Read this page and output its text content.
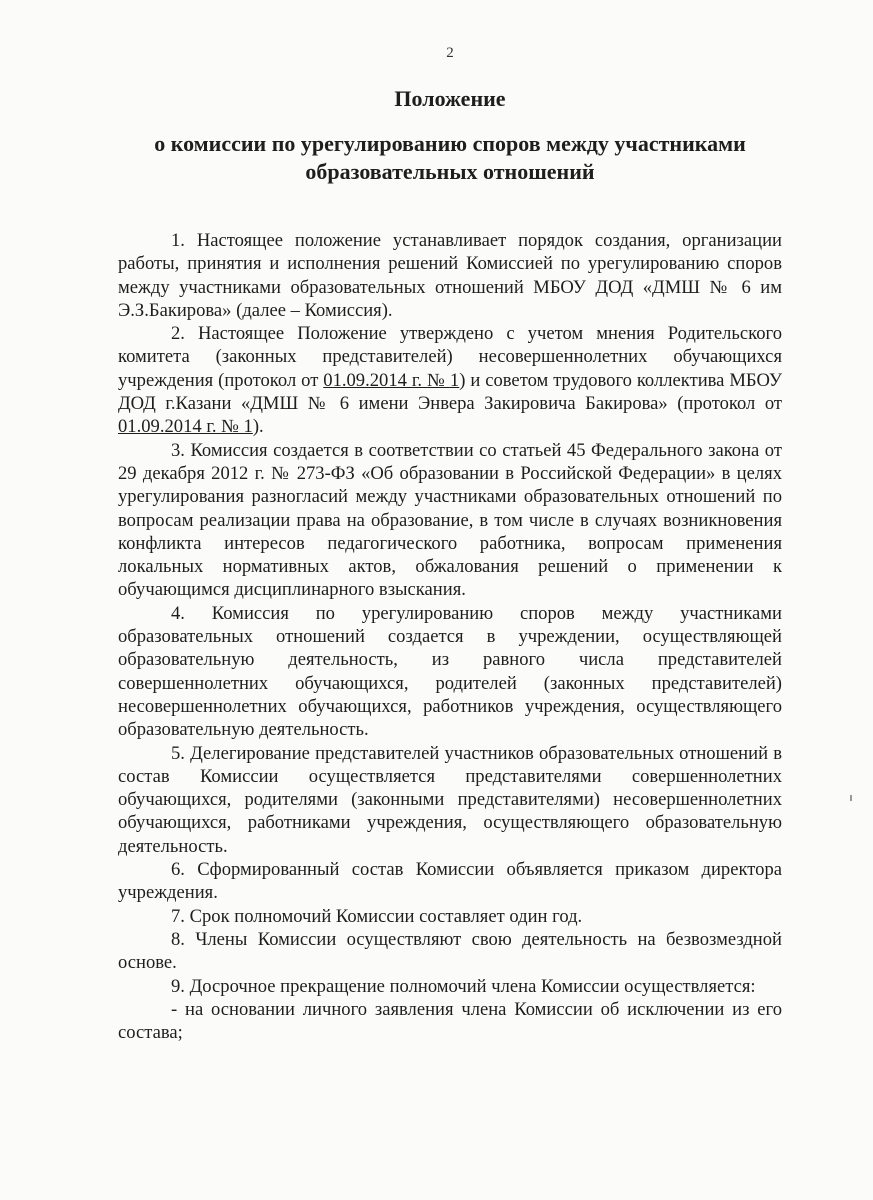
2
Положение
о комиссии по урегулированию споров между участниками образовательных отношений

1. Настоящее положение устанавливает порядок создания, организации работы, принятия и исполнения решений Комиссией по урегулированию споров между участниками образовательных отношений МБОУ ДОД «ДМШ № 6 им Э.З.Бакирова» (далее – Комиссия).

2. Настоящее Положение утверждено с учетом мнения Родительского комитета (законных представителей) несовершеннолетних обучающихся учреждения (протокол от 01.09.2014 г. № 1) и советом трудового коллектива МБОУ ДОД г.Казани «ДМШ № 6 имени Энвера Закировича Бакирова» (протокол от 01.09.2014 г. № 1).

3. Комиссия создается в соответствии со статьей 45 Федерального закона от 29 декабря 2012 г. № 273-ФЗ «Об образовании в Российской Федерации» в целях урегулирования разногласий между участниками образовательных отношений по вопросам реализации права на образование, в том числе в случаях возникновения конфликта интересов педагогического работника, вопросам применения локальных нормативных актов, обжалования решений о применении к обучающимся дисциплинарного взыскания.

4. Комиссия по урегулированию споров между участниками образовательных отношений создается в учреждении, осуществляющей образовательную деятельность, из равного числа представителей совершеннолетних обучающихся, родителей (законных представителей) несовершеннолетних обучающихся, работников учреждения, осуществляющего образовательную деятельность.

5. Делегирование представителей участников образовательных отношений в состав Комиссии осуществляется представителями совершеннолетних обучающихся, родителями (законными представителями) несовершеннолетних обучающихся, работниками учреждения, осуществляющего образовательную деятельность.

6. Сформированный состав Комиссии объявляется приказом директора учреждения.

7. Срок полномочий Комиссии составляет один год.

8. Члены Комиссии осуществляют свою деятельность на безвозмездной основе.

9. Досрочное прекращение полномочий члена Комиссии осуществляется:

- на основании личного заявления члена Комиссии об исключении из его состава;
